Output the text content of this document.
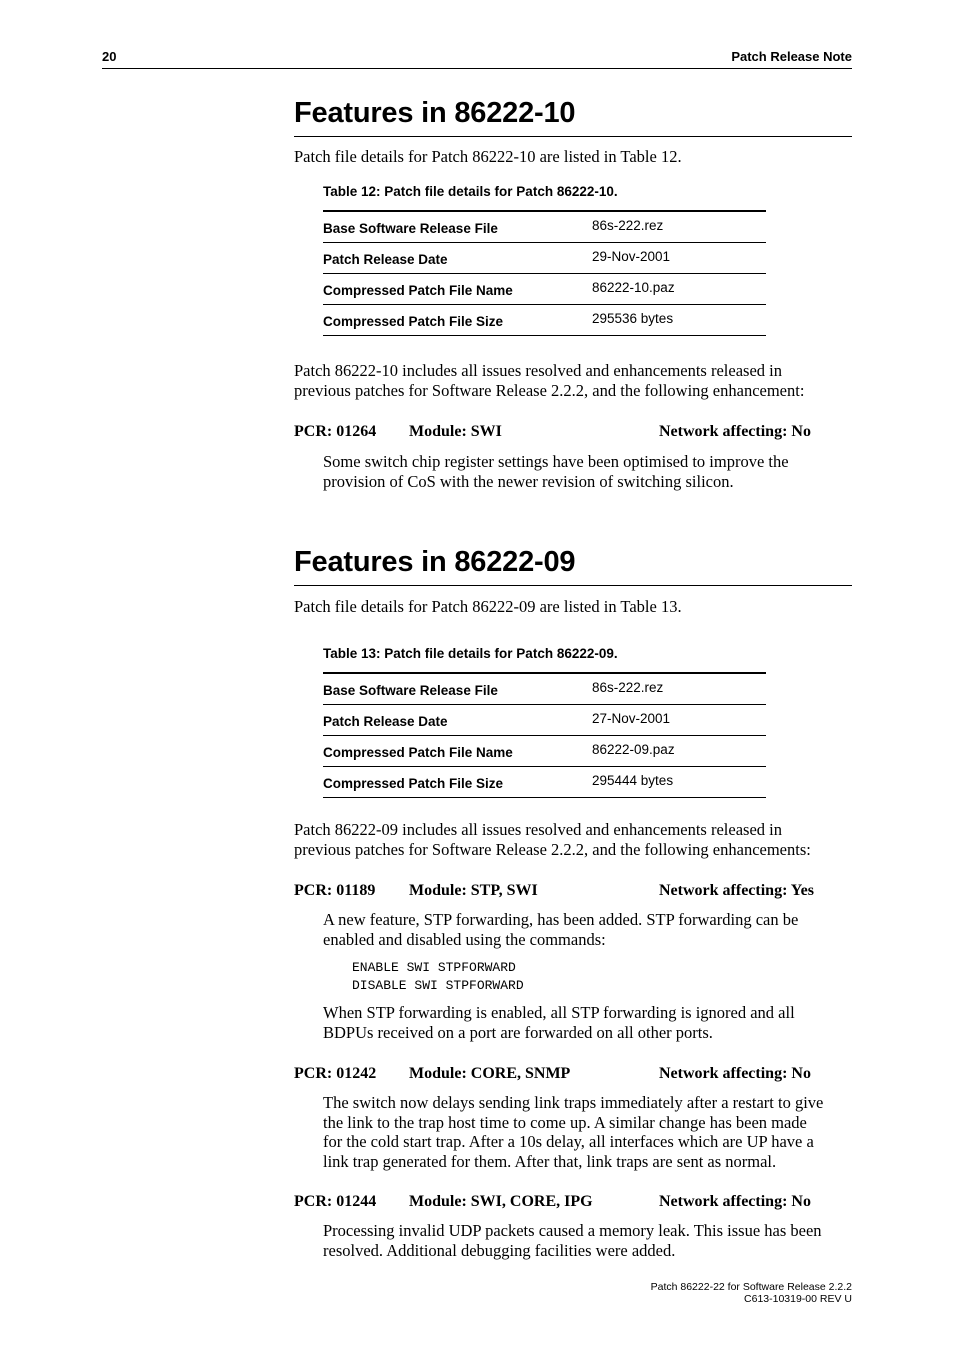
20	Patch Release Note
Features in 86222-10
Patch file details for Patch 86222-10 are listed in Table 12.
Table 12: Patch file details for Patch 86222-10.
Base Software Release File	86s-222.rez
Patch Release Date	29-Nov-2001
Compressed Patch File Name	86222-10.paz
Compressed Patch File Size	295536 bytes
Patch 86222-10 includes all issues resolved and enhancements released in
previous patches for Software Release 2.2.2, and the following enhancement:
PCR: 01264 Module: SWI	Network affecting: No
Some switch chip register settings have been optimised to improve the
provision of CoS with the newer revision of switching silicon.
Features in 86222-09
Patch file details for Patch 86222-09 are listed in Table 13.
Table 13: Patch file details for Patch 86222-09.
Base Software Release File	86s-222.rez
Patch Release Date	27-Nov-2001
Compressed Patch File Name	86222-09.paz
Compressed Patch File Size	295444 bytes
Patch 86222-09 includes all issues resolved and enhancements released in
previous patches for Software Release 2.2.2, and the following enhancements:
PCR: 01189 Module: STP, SWI	Network affecting: Yes
A new feature, STP forwarding, has been added. STP forwarding can be
enabled and disabled using the commands:
ENABLE SWI STPFORWARD
DISABLE SWI STPFORWARD
When STP forwarding is enabled, all STP forwarding is ignored and all
BDPUs received on a port are forwarded on all other ports.
PCR: 01242 Module: CORE, SNMP	Network affecting: No
The switch now delays sending link traps immediately after a restart to give
the link to the trap host time to come up. A similar change has been made
for the cold start trap. After a 10s delay, all interfaces which are UP have a
link trap generated for them. After that, link traps are sent as normal.
PCR: 01244 Module: SWI, CORE, IPG	Network affecting: No
Processing invalid UDP packets caused a memory leak. This issue has been
resolved. Additional debugging facilities were added.
Patch 86222-22 for Software Release 2.2.2
C613-10319-00 REV U
